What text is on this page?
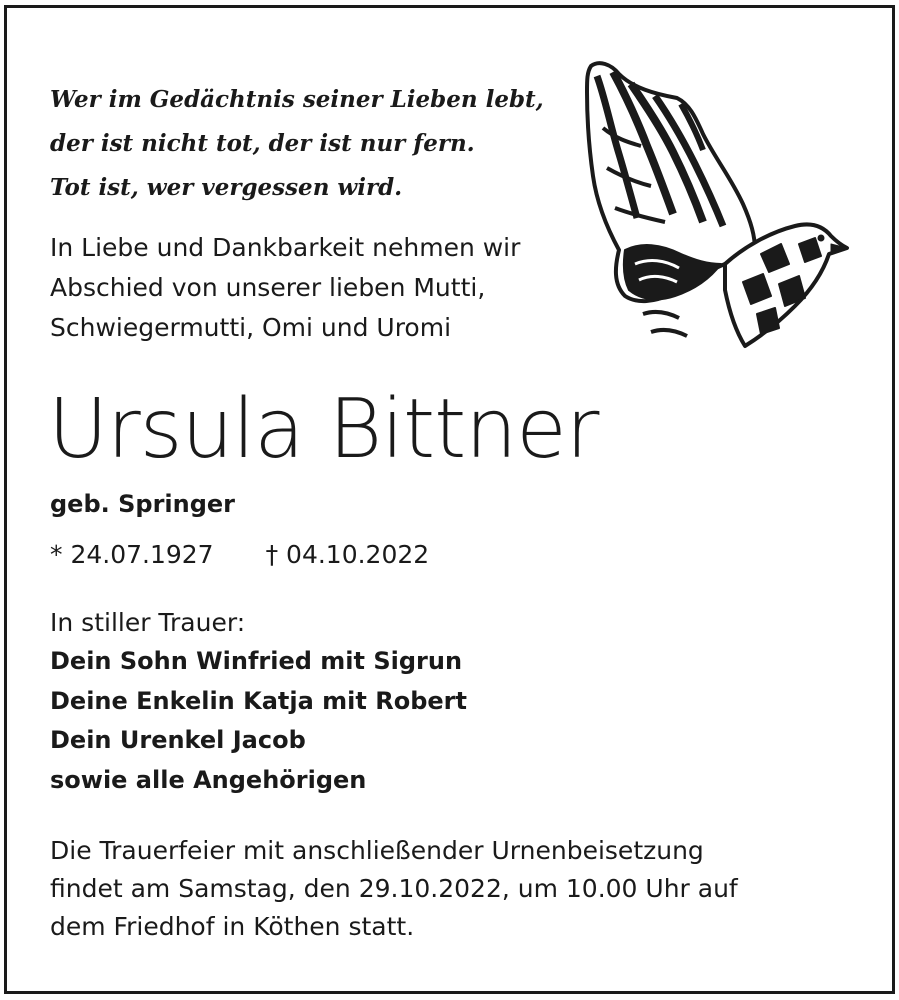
Wer im Gedächtnis seiner Lieben lebt,
der ist nicht tot, der ist nur fern.
Tot ist, wer vergessen wird.

In Liebe und Dankbarkeit nehmen wir
Abschied von unserer lieben Mutti,
Schwiegermutti, Omi und Uromi

Ursula Bittner

geb. Springer

* 24.07.1927 † 04.10.2022

In stiller Trauer:

Dein Sohn Winfried mit Sigrun
Deine Enkelin Katja mit Robert
Dein Urenkel Jacob
sowie alle Angehörigen

Die Trauerfeier mit anschließender Urnenbeisetzung
findet am Samstag, den 29.10.2022, um 10.00 Uhr auf
dem Friedhof in Köthen statt.
